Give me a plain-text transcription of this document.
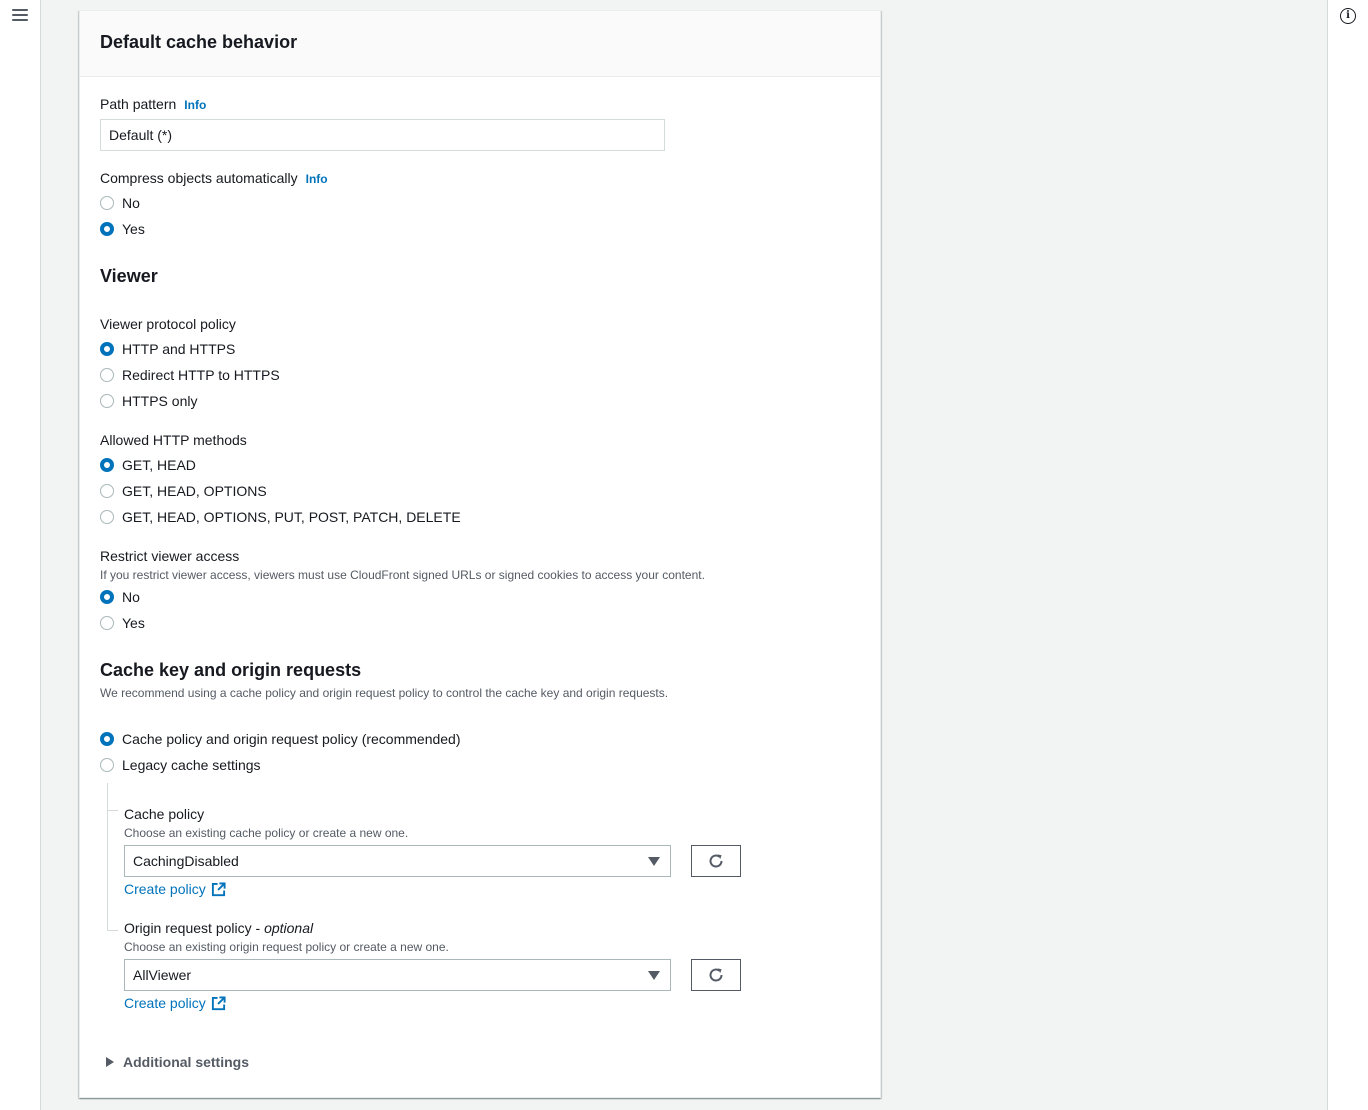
i
Default cache behavior
Path pattern Info
Default (*)
Compress objects automatically Info
No
Yes
Viewer
Viewer protocol policy
HTTP and HTTPS
Redirect HTTP to HTTPS
HTTPS only
Allowed HTTP methods
GET, HEAD
GET, HEAD, OPTIONS
GET, HEAD, OPTIONS, PUT, POST, PATCH, DELETE
Restrict viewer access
If you restrict viewer access, viewers must use CloudFront signed URLs or signed cookies to access your content.
No
Yes
Cache key and origin requests
We recommend using a cache policy and origin request policy to control the cache key and origin requests.
Cache policy and origin request policy (recommended)
Legacy cache settings
Cache policy
Choose an existing cache policy or create a new one.
CachingDisabled
Create policy
Origin request policy - optional
Choose an existing origin request policy or create a new one.
AllViewer
Create policy
Additional settings
